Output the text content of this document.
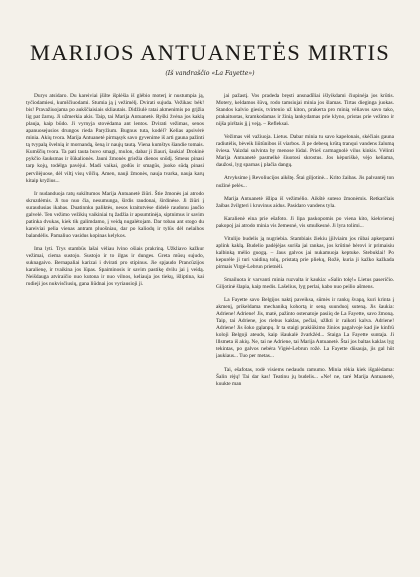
MARIJOS ANTUANETĖS MIRTIS
(Iš vandraščio «La Fayette»)

Durys atsidaro. Du kareiviai įšilte išplėšia iš glėbio moterį ir nustumpia ją, tyčiodamiesi, kumščiuodami. Stumia ją į vežimėlį. Dvirati sujuda. Vežikas: bėk! bis! Pravažiuojama po aukščiaisiais skliautais. Didžiulė ratai akmenimis po grįžia lig pat žarnų. Ji užmerkia akis. Taip, tai Marija Antuanetė. Ryški žvėna jos kaklą plauja, kaip būdo. Ji vyrnyja stovėdama ant lentos. Dvirati vežimas, senos apanuosejusios drungos rieda Paryžium. Bugnus tuta, kodėl? Kelias apsivėrė minia. Akių tvora. Marija Antuanetė pirmąsyk savo gyvenime iš arti gauna pažinti tą tvypalą švelnią ir mornandą, šeną ir naujų tautą. Viena kumštys šiandie tomais. Kumščių tvora. Ta pati tauta buvo smagi, mulon, dabar ji žiauri, šaukia! Drokinė pykčio šauksmas ir šūkalionės. Jauni žmonės griežia dienos snūdį. Smeus pinasi tarp kojų, todėlga pavėjui. Madi vaikai, godūs ir smagūs, juoko sūdą pinasi pervilėjuose, dėl viltį visų vilčių. Amen, nauji žmonės, nauja tvarka, nauja karų kitaip kryžius...

Ir nudanduoja ratų sukiltumos Marija Antuanetė žiūri. Štie žmonės jai atrodo skruzdėmis. Ji tuo nuo čia, nesumunga, širdis raudonai, širdinėse. Ji žiūri į suraudusias ikabas. Duatinnku paliktės, nesos kraitutvėse didelė raudonu jaučio galvelė. Ten vežimo vežikių vaikiniai tų žadžia ir apsumtinėja, siptnimus ir savim patinka dvukas, kiek tik galimdamo, į veidą nugalėtojam. Dar tobau ant stogo du kareiviai pelia vienas antram pluošniau, dar po kaliodų ir tylūs dėl nelaihos balandėlis. Pamaliuo vasidus kopinas kelykos.

Ima lyti. Trys stambūs lašai vėliau lvino ošiais prakriną. Užkliavo kažkur vežimai, ciema sustojo. Sustojo ir to ilgas ir dunges. Greta mūsų sujudo, suknagaivo. Bernapaliai karizai i dvirati pro stipinus. Jie spjaudo Prancūzijos karalienę, ir tvaikina jos lūpas. Spaiminosis ir savim pastikę dvilu jai į veidą. Neišdauga atviraičio nuo kutona ir nuo vilnos, keliauja jos tiekų, išliptina, kai rudieji jos nukvisčiusių, gana liūdnai jos vyriausioji ji.

jai pažastį. Vos pradeda bręsti ansnadīliai išlyikdami čiupinėja jos krūtis. Motery, keldamos šūvą, rodo tamsiujai minia jos šlamas. Tirtas dieginga juokas. Standos kalvio giesis, tvirtenio už kiton, prakerta pro minią vėliavos savo tako, prakaituotas, kramkodamas ir žinią lankydamas prie klyno, pristas prie vežimo ir nijša pirštais jį į veįą. – Refleksai.

Vežimas vėl važiuoja. Lietus. Dabar minia tu savo kapelonais, skėčiais gauna radiutėlis, bėveik liūtūnibos iš viarbos. Ji pe debesų krūtą tranqui vandens žalumą šviesa. Vaizdai sulvinta by menose lūdai. Prieš carmagnolė vilus kinkis. Vėlinti Marija Antuanetė pasmelkė šiuotosi skrostus. Jos kėpuriškė, vėjo keliama, daužosi, lyg sparnas į plačia dangų.

Atvyksime į Revoliucijos aikštę. Štai giljotinė... Krito žaibas. Jis palvantėj ton nužinė pelės...

Marija Antuanetė išlipa iš vežimėlio. Aikštė suteso žmonėmis. Retkarčiais žaibas žvilgteri i kruvinus aidus. Pasidaro vandens tyla.

Karalienė eina prie ešafoto. Ji lipa paskopomis po viena kito, kiekvienoj pakopoj jai atrodo minia vis žemesnė, vis smulkesnė. Ji lyra tolimi...

Vitulijo budelis ją nugriebia. Stambiais žiekiu įjilviaim jos rūbai apkerpami aplink kaklą. Budelio padėjėjas suriša jai rankas, jos krūtinė bėrovi ir primaisiu kalbinką mėlio guogą. – Jaus galvos jai nukamuoja keptuke. Stebuklai! Po kepurėle ji turi vaidiną tolų, pristatą prie pliekų, Rožė, kuria ji kažko kažkada pirmais Virgė-Lebrun prietnėli.

Smailuota ir varvanti minia ruzvalta ir kaukia: «Salin tolę!» Lietus paseričio. Giljotinė šlapia, kaip medis. Lašelius, lyg perlai, kabo nuo peilio ašmens.

La Fayette savo Belgijos naktį paveiksa, sūmės ir rankų švapą, kuri krinta į akmenį, prikeldama mechaniką kohortą ir seną suunduoį suteną. Jis šaukia: Adriene! Adriene! Jis, matė, pažinto ostenatoje pasiiq de La Fayette, savo žmoną. Taip, tai Adriene, jos riebus kaklas, pečiai, užlkti ir raikoti kalva. Adriene! Adriene! Jis šoko gąlanpų. Ir ta staigi prakiūkimo žinios pagalvoje kad jie kinfrū koloji Belgoji ateuds, kaip išaukalė žvarkžėd... Staiga La Fayette suntaja. Ji lllsmeta iš akių. Ne, tai ne Adriene, tai Marija Antuanetė. Štai jos baltas kaklas lyg tekintas, po galvos nebėra Vigėė-Lebrun rožė. La Fayette dūsauja, jis gal hūt jaukiaus... Tuo per metas...

Tai, ešafotas, rodė visiems nedaudu ramumo. Minia rėkia kiek išgalėdama: Šalin rėjų! Tai dar kas! Teatinu jų budelis... «Ne! ne, taré Marija Antuanetė, kuukte man
